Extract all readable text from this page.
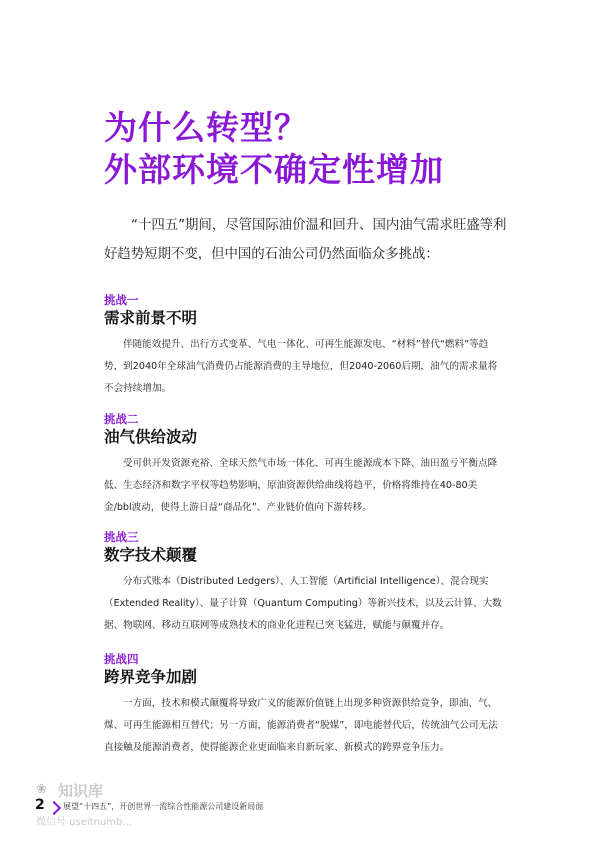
为什么转型？
外部环境不确定性增加

“十四五”期间，尽管国际油价温和回升、国内油气需求旺盛等利好趋势短期不变，但中国的石油公司仍然面临众多挑战：

挑战一

需求前景不明

伴随能效提升、出行方式变革、气电一体化、可再生能源发电、“材料”替代“燃料”等趋势，到2040年全球油气消费仍占能源消费的主导地位，但2040-2060后期，油气的需求量将不会持续增加。

挑战二

油气供给波动

受可供开发资源充裕、全球天然气市场一体化、可再生能源成本下降、油田盈亏平衡点降低、生态经济和数字平权等趋势影响，原油资源供给曲线将趋平，价格将维持在40-80美金/bbl波动，使得上游日益“商品化”、产业链价值向下游转移。

挑战三

数字技术颠覆

分布式账本（Distributed Ledgers）、人工智能（Artificial Intelligence）、混合现实（Extended Reality）、量子计算（Quantum Computing）等新兴技术，以及云计算、大数据、物联网、移动互联网等成熟技术的商业化进程已突飞猛进，赋能与颠覆并存。

挑战四

跨界竞争加剧

一方面，技术和模式颠覆将导致广义的能源价值链上出现多种资源供给竞争，即油、气、煤、可再生能源相互替代；另一方面，能源消费者“脱媒”，即电能替代后，传统油气公司无法直接触及能源消费者，使得能源企业更面临来自新玩家、新模式的跨界竞争压力。

❀ 知识库
微信号 useitnumb...
2 展望“十四五”，开创世界一流综合性能源公司建设新局面
